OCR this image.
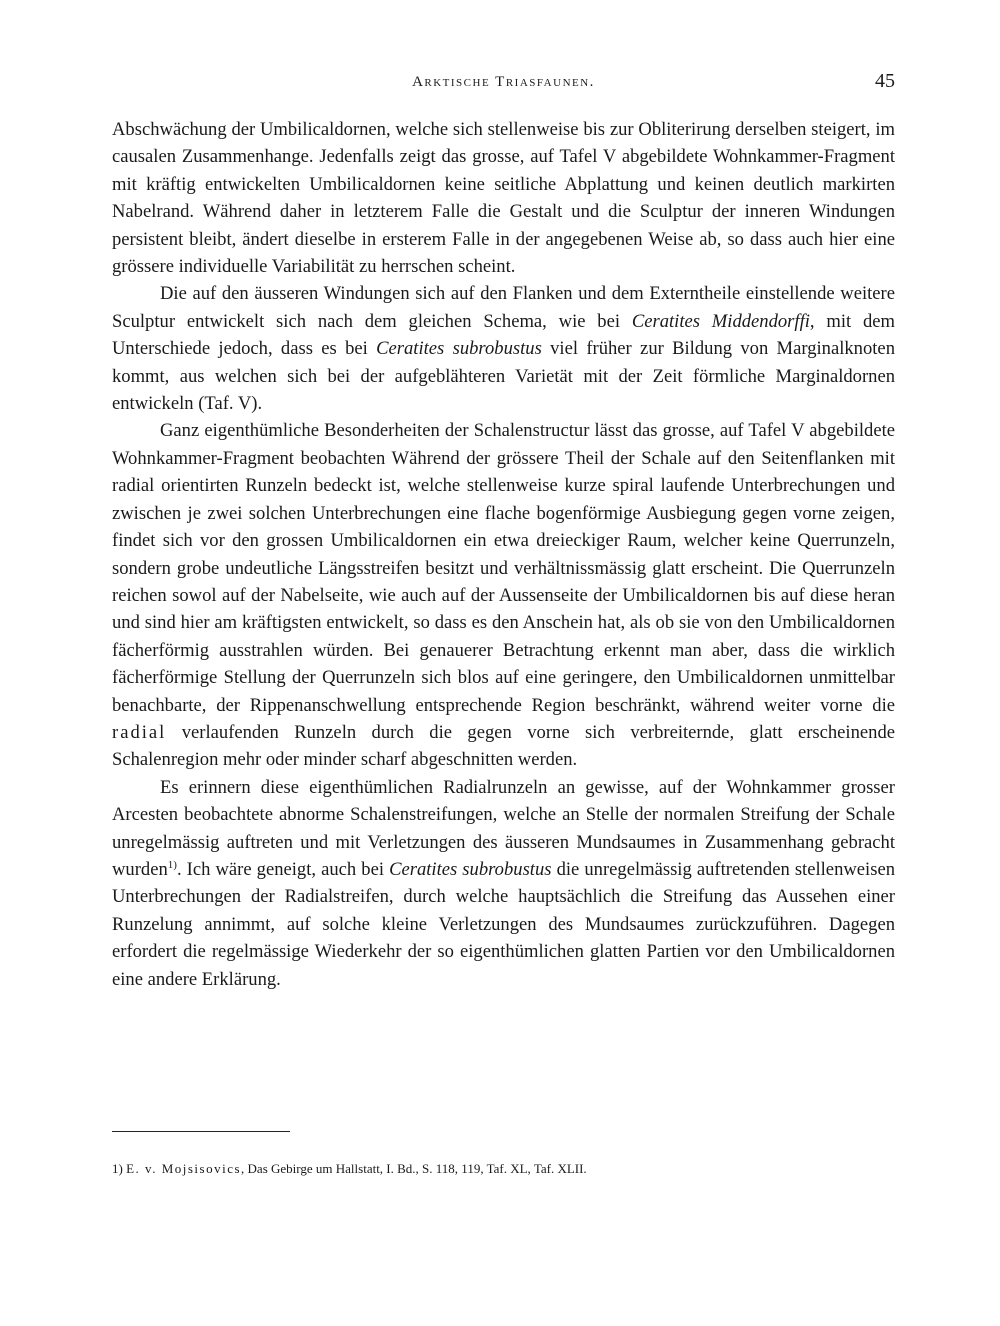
Arktische Triasfaunen.	45

Abschwächung der Umbilicaldornen, welche sich stellenweise bis zur Obliterirung derselben steigert, im causalen Zusammenhange. Jedenfalls zeigt das grosse, auf Tafel V abgebildete Wohnkammer-Fragment mit kräftig entwickelten Umbilicaldornen keine seitliche Abplattung und keinen deutlich markirten Nabelrand. Während daher in letzterem Falle die Gestalt und die Sculptur der inneren Windungen persistent bleibt, ändert dieselbe in ersterem Falle in der angegebenen Weise ab, so dass auch hier eine grössere individuelle Variabilität zu herrschen scheint.

Die auf den äusseren Windungen sich auf den Flanken und dem Externtheile einstellende weitere Sculptur entwickelt sich nach dem gleichen Schema, wie bei Ceratites Middendorffi, mit dem Unterschiede jedoch, dass es bei Ceratites subrobustus viel früher zur Bildung von Marginalknoten kommt, aus welchen sich bei der aufgeblähteren Varietät mit der Zeit förmliche Marginaldornen entwickeln (Taf. V).

Ganz eigenthümliche Besonderheiten der Schalenstructur lässt das grosse, auf Tafel V abgebildete Wohnkammer-Fragment beobachten Während der grössere Theil der Schale auf den Seitenflanken mit radial orientirten Runzeln bedeckt ist, welche stellenweise kurze spiral laufende Unterbrechungen und zwischen je zwei solchen Unterbrechungen eine flache bogenförmige Ausbiegung gegen vorne zeigen, findet sich vor den grossen Umbilicaldornen ein etwa dreieckiger Raum, welcher keine Querrunzeln, sondern grobe undeutliche Längsstreifen besitzt und verhältnissmässig glatt erscheint. Die Querrunzeln reichen sowol auf der Nabelseite, wie auch auf der Aussenseite der Umbilicaldornen bis auf diese heran und sind hier am kräftigsten entwickelt, so dass es den Anschein hat, als ob sie von den Umbilicaldornen fächerförmig ausstrahlen würden. Bei genauerer Betrachtung erkennt man aber, dass die wirklich fächerförmige Stellung der Querrunzeln sich blos auf eine geringere, den Umbilicaldornen unmittelbar benachbarte, der Rippenanschwellung entsprechende Region beschränkt, während weiter vorne die radial verlaufenden Runzeln durch die gegen vorne sich verbreiternde, glatt erscheinende Schalenregion mehr oder minder scharf abgeschnitten werden.

Es erinnern diese eigenthümlichen Radialrunzeln an gewisse, auf der Wohnkammer grosser Arcesten beobachtete abnorme Schalenstreifungen, welche an Stelle der normalen Streifung der Schale unregelmässig auftreten und mit Verletzungen des äusseren Mundsaumes in Zusammenhang gebracht wurden$^{1)}$. Ich wäre geneigt, auch bei Ceratites subrobustus die unregelmässig auftretenden stellenweisen Unterbrechungen der Radialstreifen, durch welche hauptsächlich die Streifung das Aussehen einer Runzelung annimmt, auf solche kleine Verletzungen des Mundsaumes zurückzuführen. Dagegen erfordert die regelmässige Wiederkehr der so eigenthümlichen glatten Partien vor den Umbilicaldornen eine andere Erklärung.

1) E. v. Mojsisovics, Das Gebirge um Hallstatt, I. Bd., S. 118, 119, Taf. XL, Taf. XLII.
